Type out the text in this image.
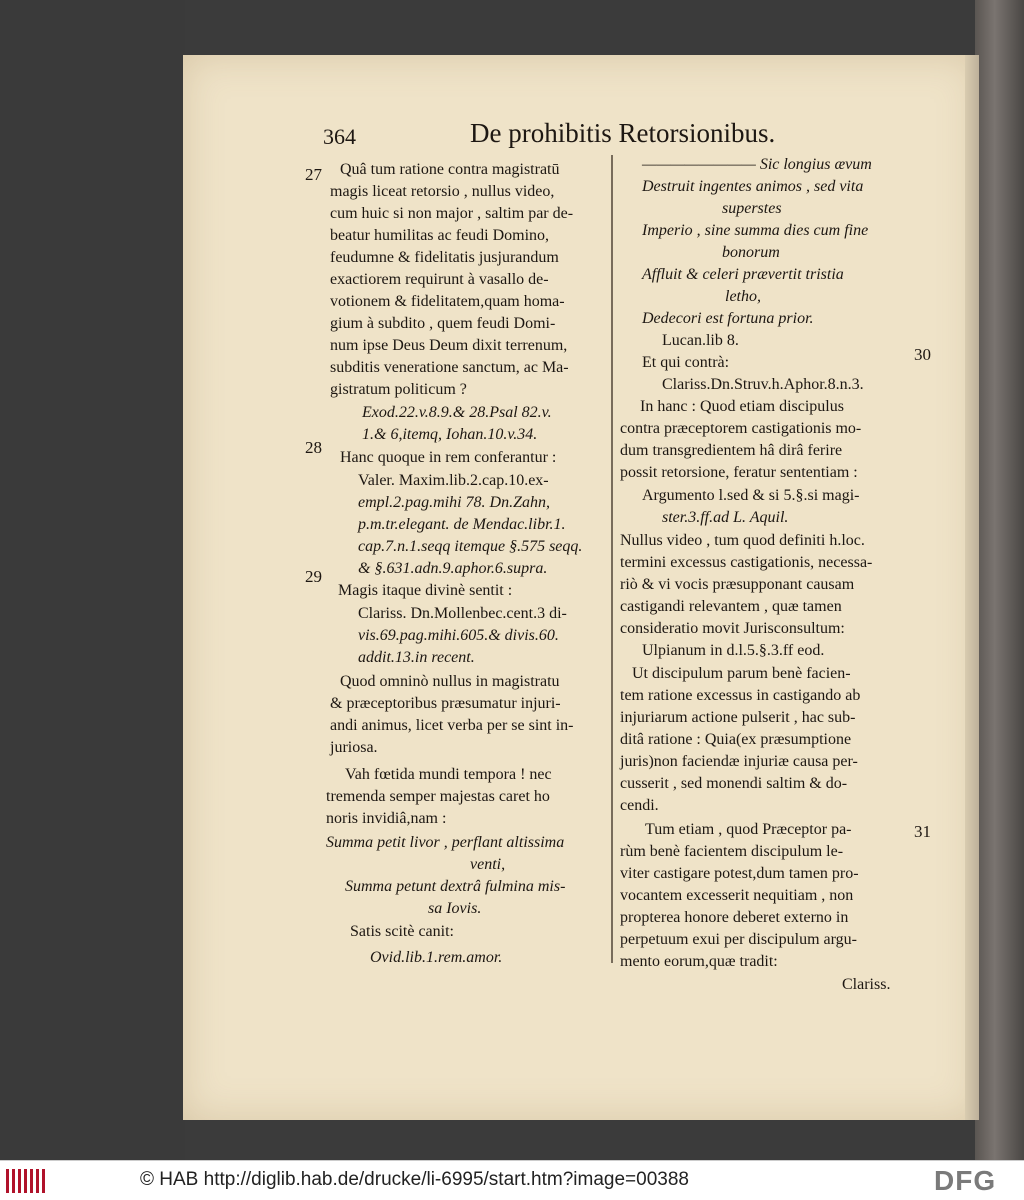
364	De prohibitis Retorsionibus.
27
28
29
Quâ tum ratione contra magistratū
magis liceat retorsio , nullus video,
cum huic si non major , saltim par de-
beatur humilitas ac feudi Domino,
feudumne & fidelitatis jusjurandum
exactiorem requirunt à vasallo de-
votionem & fidelitatem,quam homa-
gium à subdito , quem feudi Domi-
num ipse Deus Deum dixit terrenum,
subditis veneratione sanctum, ac Ma-
gistratum politicum ?
Exod.22.v.8.9.& 28.Psal 82.v.
1.& 6,itemq, Iohan.10.v.34.
Hanc quoque in rem conferantur :
Valer. Maxim.lib.2.cap.10.ex-
empl.2.pag.mihi 78. Dn.Zahn,
p.m.tr.elegant. de Mendac.libr.1.
cap.7.n.1.seqq itemque §.575 seqq.
& §.631.adn.9.aphor.6.supra.
Magis itaque divinè sentit :
Clariss. Dn.Mollenbec.cent.3 di-
vis.69.pag.mihi.605.& divis.60.
addit.13.in recent.
Quod omninò nullus in magistratu
& præceptoribus præsumatur injuri-
andi animus, licet verba per se sint in-
juriosa.
Vah fœtida mundi tempora ! nec
tremenda semper majestas caret ho
noris invidiâ,nam :
Summa petit livor , perflant altissima
venti,
Summa petunt dextrâ fulmina mis-
sa Iovis.
Satis scitè canit:
Ovid.lib.1.rem.amor.
30
31
———————— Sic longius ævum
Destruit ingentes animos , sed vita
superstes
Imperio , sine summa dies cum fine
bonorum
Affluit & celeri prævertit tristia
letho,
Dedecori est fortuna prior.
Lucan.lib 8.
Et qui contrà:
Clariss.Dn.Struv.h.Aphor.8.n.3.
In hanc : Quod etiam discipulus
contra præceptorem castigationis mo-
dum transgredientem hâ dirâ ferire
possit retorsione, feratur sententiam :
Argumento l.sed & si 5.§.si magi-
ster.3.ff.ad L. Aquil.
Nullus video , tum quod definiti h.loc.
termini excessus castigationis, necessa-
riò & vi vocis præsupponant causam
castigandi relevantem , quæ tamen
consideratio movit Jurisconsultum:
Ulpianum in d.l.5.§.3.ff eod.
Ut discipulum parum benè facien-
tem ratione excessus in castigando ab
injuriarum actione pulserit , hac sub-
ditâ ratione : Quia(ex præsumptione
juris)non faciendæ injuriæ causa per-
cusserit , sed monendi saltim & do-
cendi.
Tum etiam , quod Præceptor pa-
rùm benè facientem discipulum le-
viter castigare potest,dum tamen pro-
vocantem excesserit nequitiam , non
propterea honore deberet externo in
perpetuum exui per discipulum argu-
mento eorum,quæ tradit:
Clariss.
© HAB http://diglib.hab.de/drucke/li-6995/start.htm?image=00388	DFG
